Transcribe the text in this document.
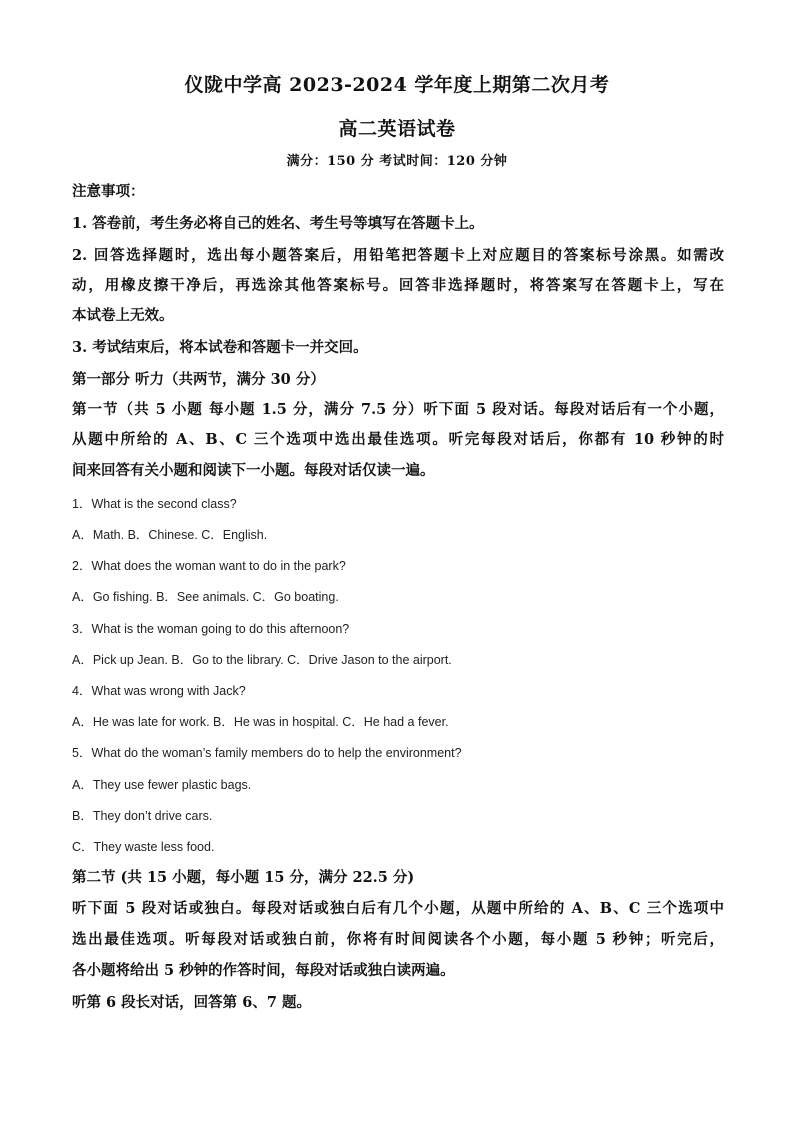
仪陇中学高 2023-2024 学年度上期第二次月考
高二英语试卷
满分：150 分 考试时间：120 分钟
注意事项：
1. 答卷前，考生务必将自己的姓名、考生号等填写在答题卡上。
2. 回答选择题时，选出每小题答案后，用铅笔把答题卡上对应题目的答案标号涂黑。如需改
动，用橡皮擦干净后，再选涂其他答案标号。回答非选择题时，将答案写在答题卡上，写在
本试卷上无效。
3. 考试结束后，将本试卷和答题卡一并交回。
第一部分 听力（共两节，满分 30 分）
第一节（共 5 小题 每小题 1.5 分，满分 7.5 分）听下面 5 段对话。每段对话后有一个小题，
从题中所给的 A、B、C 三个选项中选出最佳选项。听完每段对话后，你都有 10 秒钟的时
间来回答有关小题和阅读下一小题。每段对话仅读一遍。
1．What is the second class?
A．Math. B．Chinese. C．English.
2．What does the woman want to do in the park?
A．Go fishing. B．See animals. C．Go boating.
3．What is the woman going to do this afternoon?
A．Pick up Jean. B．Go to the library. C．Drive Jason to the airport.
4．What was wrong with Jack?
A．He was late for work. B．He was in hospital. C．He had a fever.
5．What do the woman’s family members do to help the environment?
A．They use fewer plastic bags.
B．They don’t drive cars.
C．They waste less food.
第二节 (共 15 小题，每小题 15 分，满分 22.5 分)
听下面 5 段对话或独白。每段对话或独白后有几个小题，从题中所给的 A、B、C 三个选项中
选出最佳选项。听每段对话或独白前，你将有时间阅读各个小题，每小题 5 秒钟；听完后，
各小题将给出 5 秒钟的作答时间，每段对话或独白读两遍。
听第 6 段长对话，回答第 6、7 题。
